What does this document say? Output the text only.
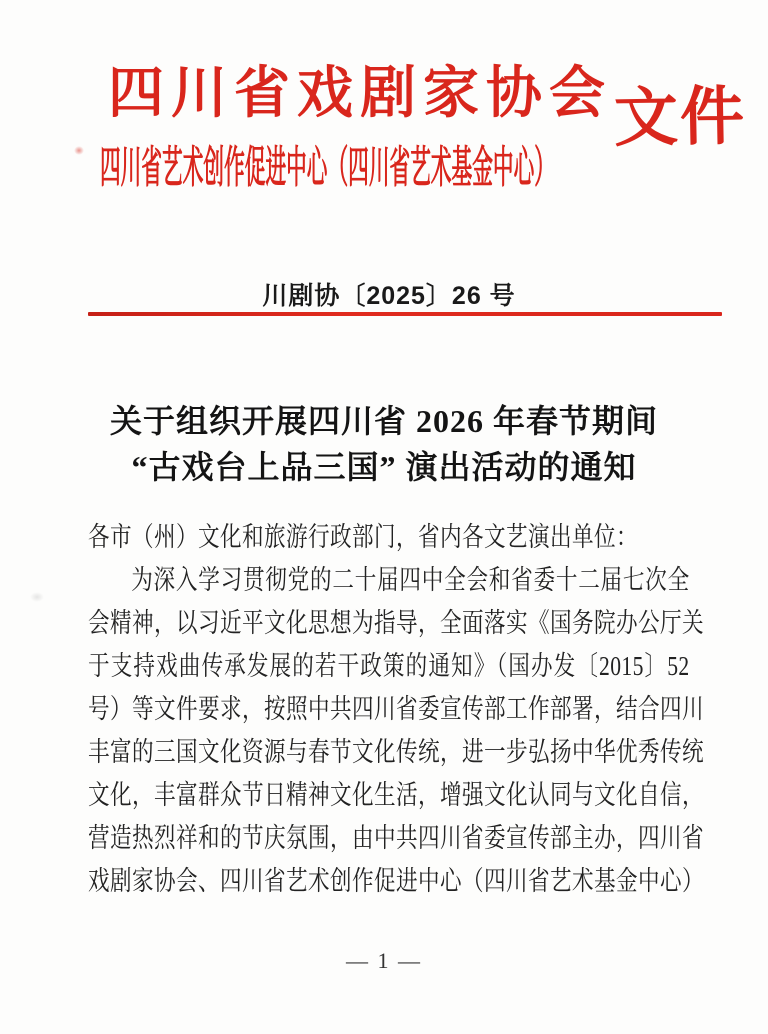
四川省戏剧家协会 文件
四川省艺术创作促进中心（四川省艺术基金中心）
川剧协〔2025〕26 号
关于组织开展四川省 2026 年春节期间
“古戏台上品三国” 演出活动的通知
各市（州）文化和旅游行政部门，省内各文艺演出单位：
为深入学习贯彻党的二十届四中全会和省委十二届七次全
会精神，以习近平文化思想为指导，全面落实《国务院办公厅关
于支持戏曲传承发展的若干政策的通知》（国办发〔2015〕52
号）等文件要求，按照中共四川省委宣传部工作部署，结合四川
丰富的三国文化资源与春节文化传统，进一步弘扬中华优秀传统
文化，丰富群众节日精神文化生活，增强文化认同与文化自信，
营造热烈祥和的节庆氛围，由中共四川省委宣传部主办，四川省
戏剧家协会、四川省艺术创作促进中心（四川省艺术基金中心）
— 1 —
